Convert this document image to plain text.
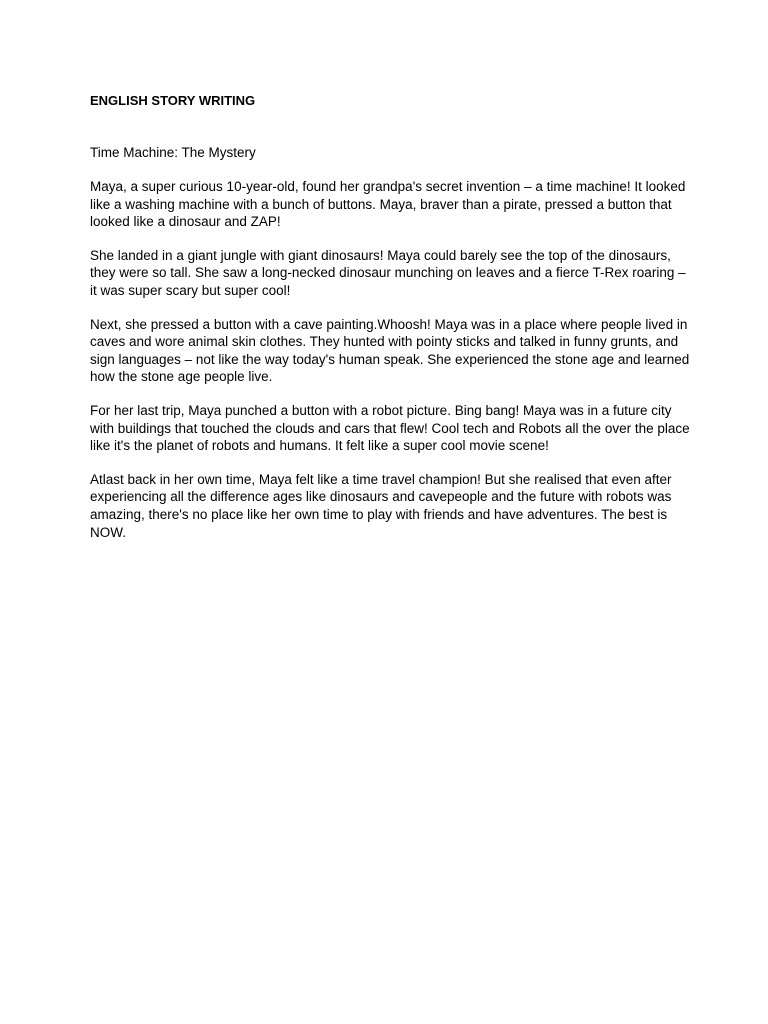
ENGLISH STORY WRITING

Time Machine: The Mystery

Maya, a super curious 10-year-old, found her grandpa's secret invention – a time machine! It looked like a washing machine with a bunch of buttons. Maya, braver than a pirate, pressed a button that looked like a dinosaur and ZAP!

She landed in a giant jungle with giant dinosaurs! Maya could barely see the top of the dinosaurs, they were so tall. She saw a long-necked dinosaur munching on leaves and a fierce T-Rex roaring – it was super scary but super cool!

Next, she pressed a button with a cave painting.Whoosh! Maya was in a place where people lived in caves and wore animal skin clothes. They hunted with pointy sticks and talked in funny grunts, and sign languages – not like the way today's human speak. She experienced the stone age and learned how the stone age people live.

For her last trip, Maya punched a button with a robot picture. Bing bang! Maya was in a future city with buildings that touched the clouds and cars that flew! Cool tech and Robots all the over the place like it's the planet of robots and humans. It felt like a super cool movie scene!

Atlast back in her own time, Maya felt like a time travel champion! But she realised that even after experiencing all the difference ages like dinosaurs and cavepeople and the future with robots was amazing, there's no place like her own time to play with friends and have adventures. The best is NOW.
